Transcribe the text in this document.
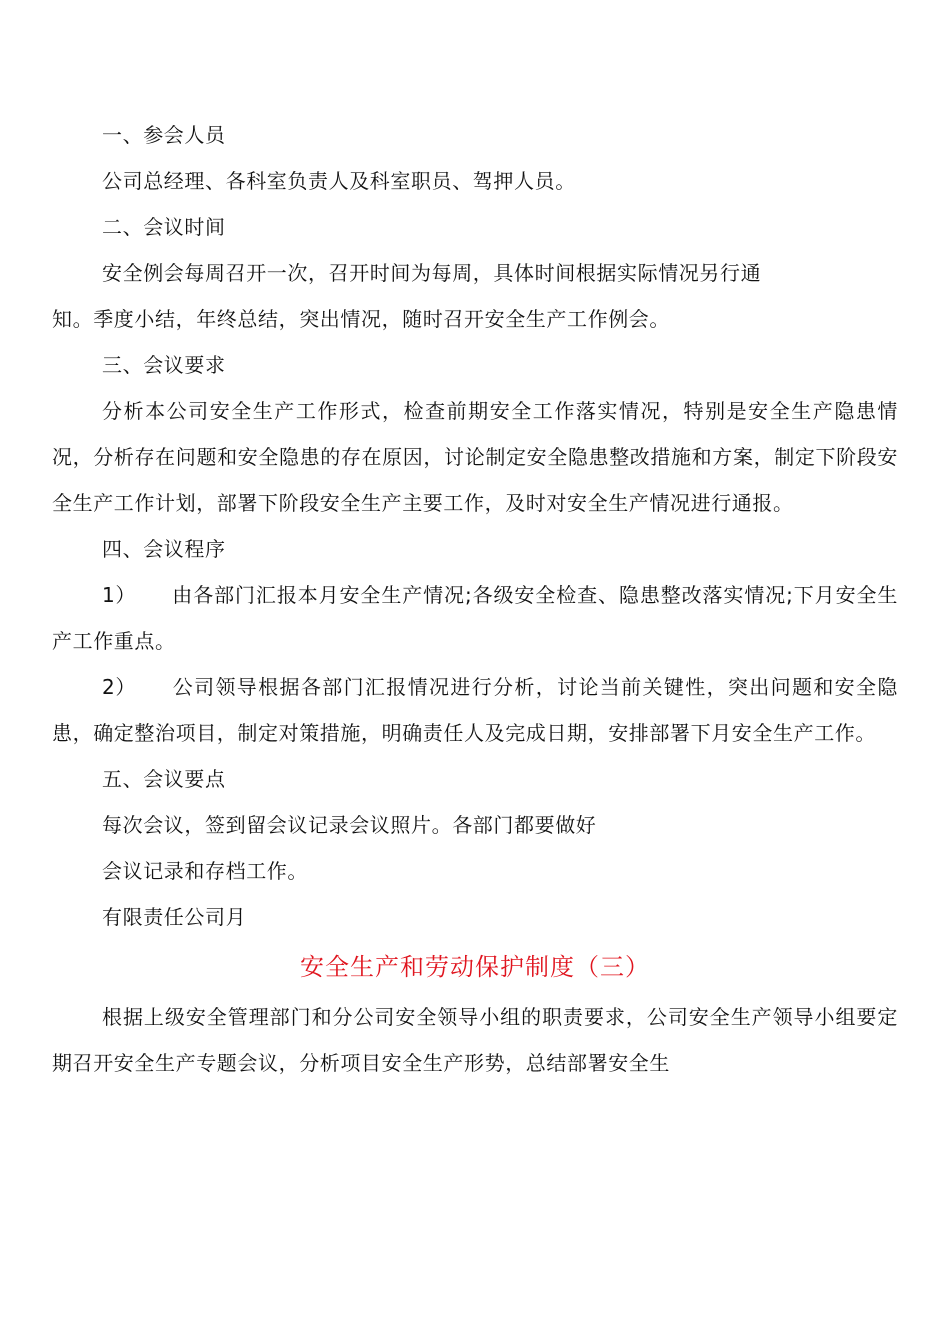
一、参会人员
公司总经理、各科室负责人及科室职员、驾押人员。
二、会议时间
安全例会每周召开一次，召开时间为每周，具体时间根据实际情况另行通
知。季度小结，年终总结，突出情况，随时召开安全生产工作例会。
三、会议要求

分析本公司安全生产工作形式，检查前期安全工作落实情况，特别是安全生产隐患情况，分析存在问题和安全隐患的存在原因，讨论制定安全隐患整改措施和方案，制定下阶段安全生产工作计划，部署下阶段安全生产主要工作，及时对安全生产情况进行通报。

四、会议程序

1） 由各部门汇报本月安全生产情况;各级安全检查、隐患整改落实情况;下月安全生产工作重点。

2） 公司领导根据各部门汇报情况进行分析，讨论当前关键性，突出问题和安全隐患，确定整治项目，制定对策措施，明确责任人及完成日期，安排部署下月安全生产工作。

五、会议要点
每次会议，签到留会议记录会议照片。各部门都要做好
会议记录和存档工作。
有限责任公司月
安全生产和劳动保护制度（三）

根据上级安全管理部门和分公司安全领导小组的职责要求，公司安全生产领导小组要定期召开安全生产专题会议，分析项目安全生产形势，总结部署安全生
